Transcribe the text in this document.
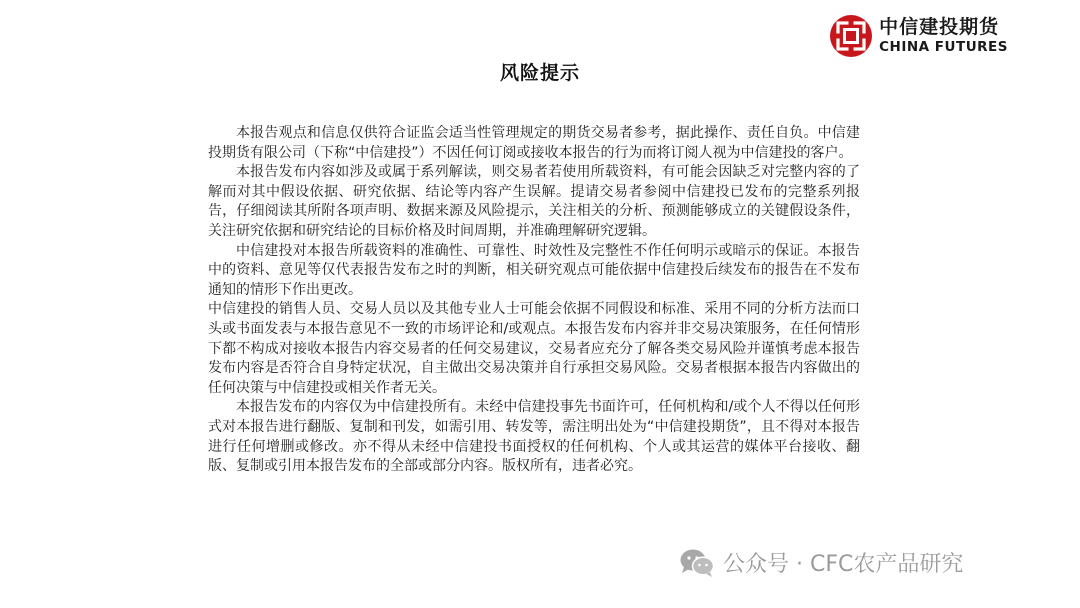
中信建投期货
CHINA FUTURES
风险提示

本报告观点和信息仅供符合证监会适当性管理规定的期货交易者参考，据此操作、责任自负。中信建投期货有限公司（下称“中信建投”）不因任何订阅或接收本报告的行为而将订阅人视为中信建投的客户。

本报告发布内容如涉及或属于系列解读，则交易者若使用所载资料，有可能会因缺乏对完整内容的了解而对其中假设依据、研究依据、结论等内容产生误解。提请交易者参阅中信建投已发布的完整系列报告，仔细阅读其所附各项声明、数据来源及风险提示，关注相关的分析、预测能够成立的关键假设条件，关注研究依据和研究结论的目标价格及时间周期，并准确理解研究逻辑。

中信建投对本报告所载资料的准确性、可靠性、时效性及完整性不作任何明示或暗示的保证。本报告中的资料、意见等仅代表报告发布之时的判断，相关研究观点可能依据中信建投后续发布的报告在不发布通知的情形下作出更改。

中信建投的销售人员、交易人员以及其他专业人士可能会依据不同假设和标准、采用不同的分析方法而口头或书面发表与本报告意见不一致的市场评论和/或观点。本报告发布内容并非交易决策服务，在任何情形下都不构成对接收本报告内容交易者的任何交易建议，交易者应充分了解各类交易风险并谨慎考虑本报告发布内容是否符合自身特定状况，自主做出交易决策并自行承担交易风险。交易者根据本报告内容做出的任何决策与中信建投或相关作者无关。

本报告发布的内容仅为中信建投所有。未经中信建投事先书面许可，任何机构和/或个人不得以任何形式对本报告进行翻版、复制和刊发，如需引用、转发等，需注明出处为“中信建投期货”，且不得对本报告进行任何增删或修改。亦不得从未经中信建投书面授权的任何机构、个人或其运营的媒体平台接收、翻版、复制或引用本报告发布的全部或部分内容。版权所有，违者必究。

公众号 · CFC农产品研究
